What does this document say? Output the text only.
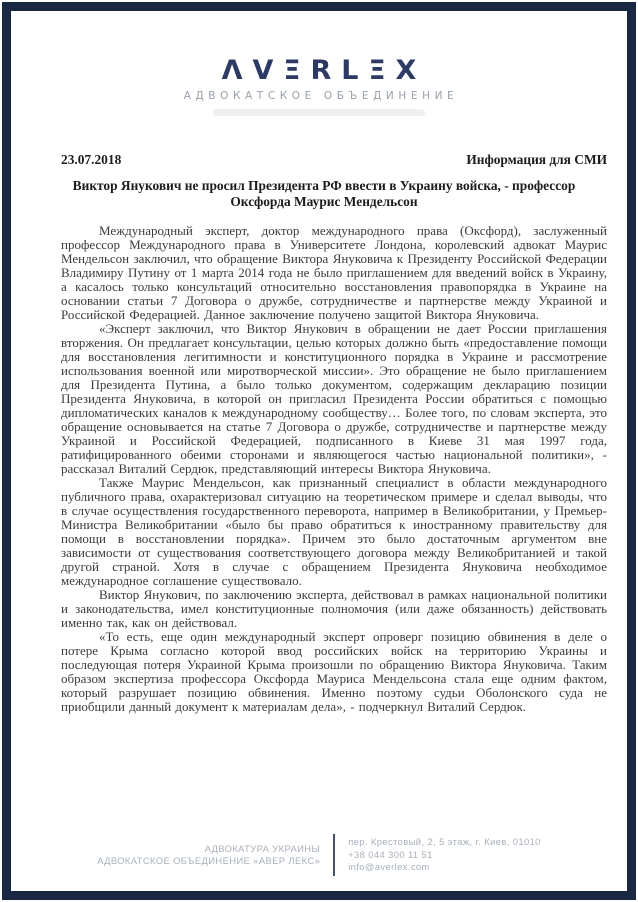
ΛVΞRLΞX
АДВОКАТСКОЕ ОБЪЕДИНЕНИЕ
23.07.2018	Информация для СМИ
Виктор Янукович не просил Президента РФ ввести в Украину войска, - профессор Оксфорда Маурис Мендельсон

Международный эксперт, доктор международного права (Оксфорд), заслуженный профессор Международного права в Университете Лондона, королевский адвокат Маурис Мендельсон заключил, что обращение Виктора Януковича к Президенту Российской Федерации Владимиру Путину от 1 марта 2014 года не было приглашением для введений войск в Украину, а касалось только консультаций относительно восстановления правопорядка в Украине на основании статьи 7 Договора о дружбе, сотрудничестве и партнерстве между Украиной и Российской Федерацией. Данное заключение получено защитой Виктора Януковича.

«Эксперт заключил, что Виктор Янукович в обращении не дает России приглашения вторжения. Он предлагает консультации, целью которых должно быть «предоставление помощи для восстановления легитимности и конституционного порядка в Украине и рассмотрение использования военной или миротворческой миссии». Это обращение не было приглашением для Президента Путина, а было только документом, содержащим декларацию позиции Президента Януковича, в которой он пригласил Президента России обратиться с помощью дипломатических каналов к международному сообществу… Более того, по словам эксперта, это обращение основывается на статье 7 Договора о дружбе, сотрудничестве и партнерстве между Украиной и Российской Федерацией, подписанного в Киеве 31 мая 1997 года, ратифицированного обеими сторонами и являющегося частью национальной политики», - рассказал Виталий Сердюк, представляющий интересы Виктора Януковича.

Также Маурис Мендельсон, как признанный специалист в области международного публичного права, охарактеризовал ситуацию на теоретическом примере и сделал выводы, что в случае осуществления государственного переворота, например в Великобритании, у Премьер-Министра Великобритании «было бы право обратиться к иностранному правительству для помощи в восстановлении порядка». Причем это было достаточным аргументом вне зависимости от существования соответствующего договора между Великобританией и такой другой страной. Хотя в случае с обращением Президента Януковича необходимое международное соглашение существовало.

Виктор Янукович, по заключению эксперта, действовал в рамках национальной политики и законодательства, имел конституционные полномочия (или даже обязанность) действовать именно так, как он действовал.

«То есть, еще один международный эксперт опроверг позицию обвинения в деле о потере Крыма согласно которой ввод российских войск на территорию Украины и последующая потеря Украиной Крыма произошли по обращению Виктора Януковича. Таким образом экспертиза профессора Оксфорда Мауриса Мендельсона стала еще одним фактом, который разрушает позицию обвинения. Именно поэтому судьи Оболонского суда не приобщили данный документ к материалам дела», - подчеркнул Виталий Сердюк.

АДВОКАТУРА УКРАИНЫ
АДВОКАТСКОЕ ОБЪЕДИНЕНИЕ «АВЕР ЛЕКС»
пер. Крестовый, 2, 5 этаж, г. Киев, 01010
+38 044 300 11 51
info@averlex.com
